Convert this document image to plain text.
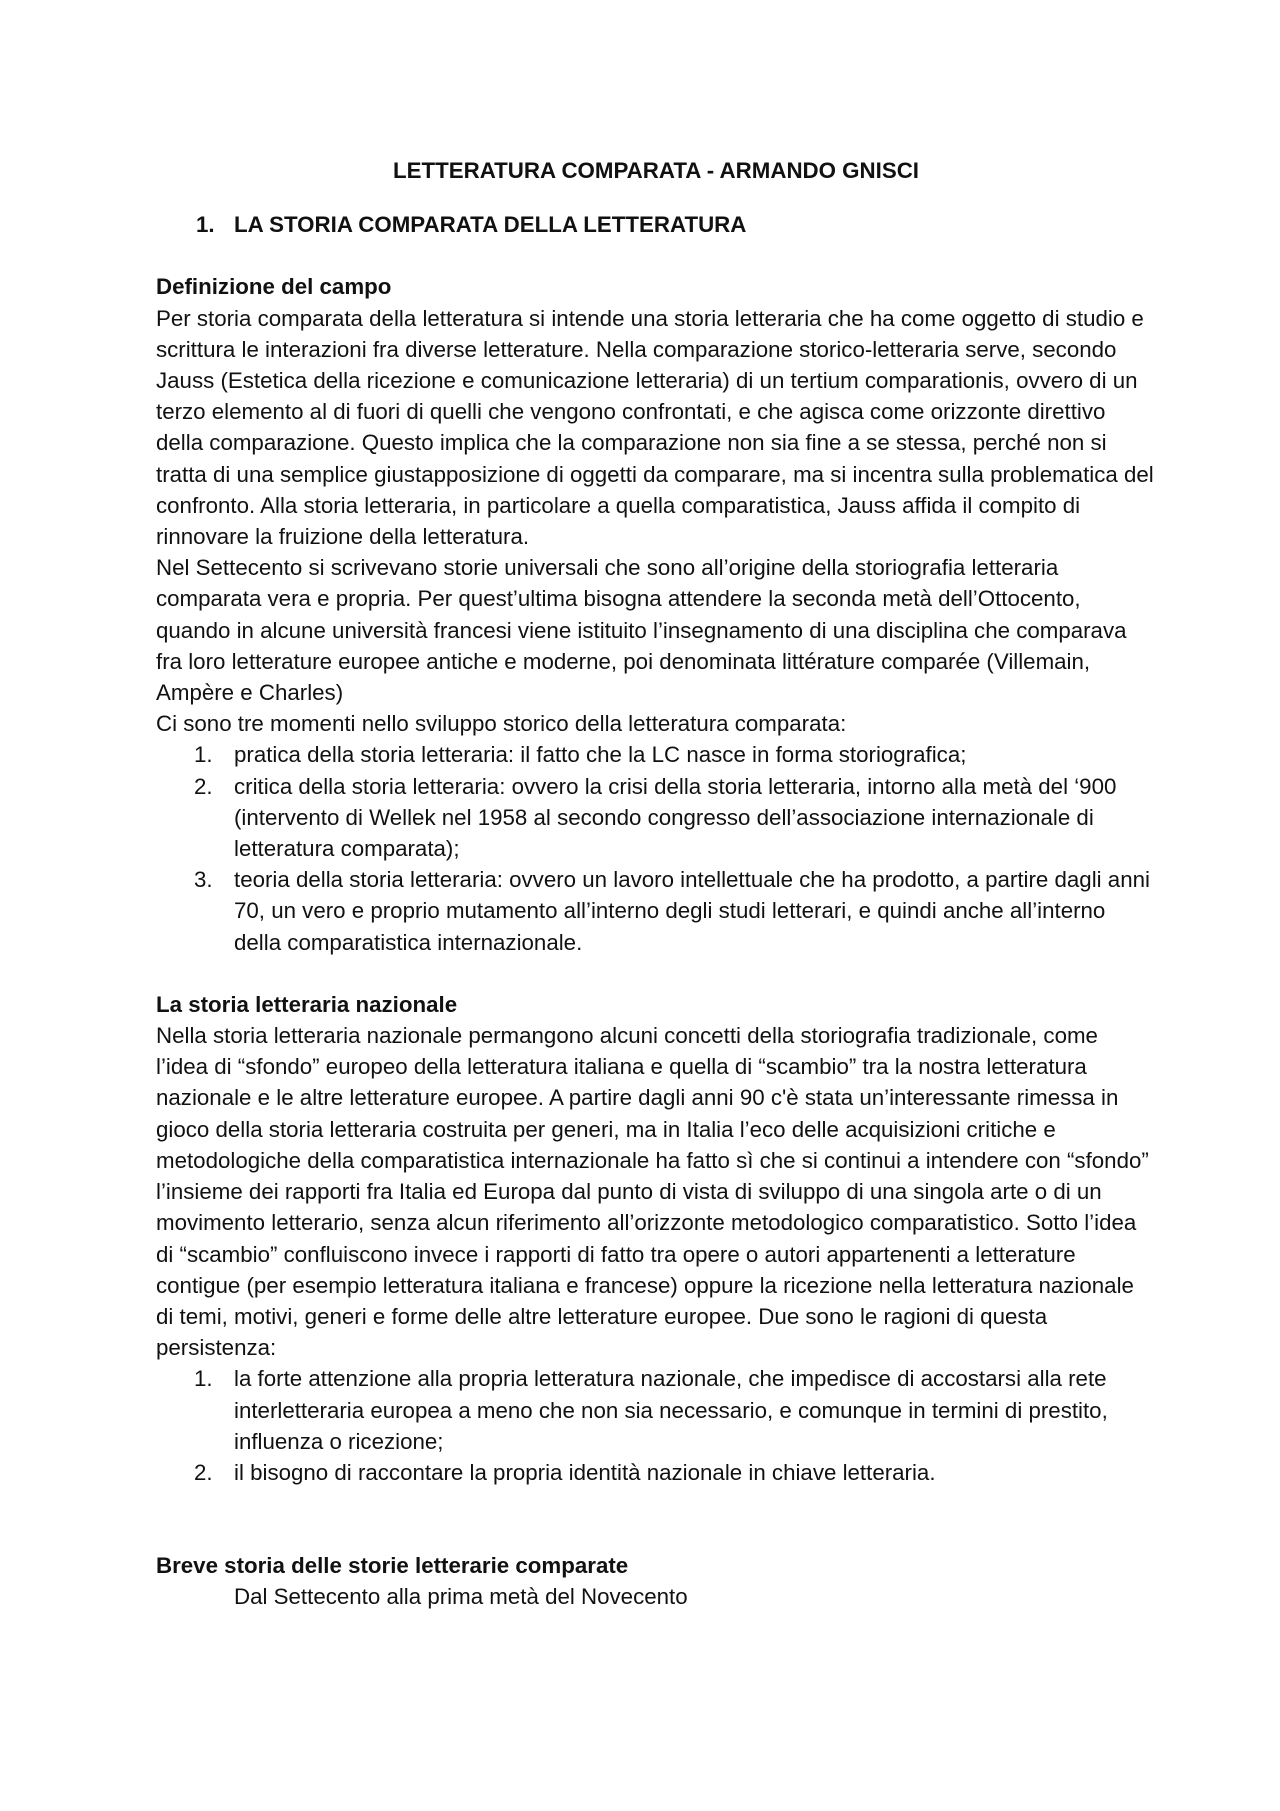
LETTERATURA COMPARATA - ARMANDO GNISCI
1. LA STORIA COMPARATA DELLA LETTERATURA
Definizione del campo

Per storia comparata della letteratura si intende una storia letteraria che ha come oggetto di studio e scrittura le interazioni fra diverse letterature. Nella comparazione storico-letteraria serve, secondo Jauss (Estetica della ricezione e comunicazione letteraria) di un tertium comparationis, ovvero di un terzo elemento al di fuori di quelli che vengono confrontati, e che agisca come orizzonte direttivo della comparazione. Questo implica che la comparazione non sia fine a se stessa, perché non si tratta di una semplice giustapposizione di oggetti da comparare, ma si incentra sulla problematica del confronto. Alla storia letteraria, in particolare a quella comparatistica, Jauss affida il compito di rinnovare la fruizione della letteratura.

Nel Settecento si scrivevano storie universali che sono all’origine della storiografia letteraria comparata vera e propria. Per quest’ultima bisogna attendere la seconda metà dell’Ottocento, quando in alcune università francesi viene istituito l’insegnamento di una disciplina che comparava fra loro letterature europee antiche e moderne, poi denominata littérature comparée (Villemain, Ampère e Charles)

Ci sono tre momenti nello sviluppo storico della letteratura comparata:

1. pratica della storia letteraria: il fatto che la LC nasce in forma storiografica;
2. critica della storia letteraria: ovvero la crisi della storia letteraria, intorno alla metà del ‘900 (intervento di Wellek nel 1958 al secondo congresso dell’associazione internazionale di letteratura comparata);
3. teoria della storia letteraria: ovvero un lavoro intellettuale che ha prodotto, a partire dagli anni 70, un vero e proprio mutamento all’interno degli studi letterari, e quindi anche all’interno della comparatistica internazionale.
La storia letteraria nazionale

Nella storia letteraria nazionale permangono alcuni concetti della storiografia tradizionale, come l’idea di “sfondo” europeo della letteratura italiana e quella di “scambio” tra la nostra letteratura nazionale e le altre letterature europee. A partire dagli anni 90 c'è stata un’interessante rimessa in gioco della storia letteraria costruita per generi, ma in Italia l’eco delle acquisizioni critiche e metodologiche della comparatistica internazionale ha fatto sì che si continui a intendere con “sfondo” l’insieme dei rapporti fra Italia ed Europa dal punto di vista di sviluppo di una singola arte o di un movimento letterario, senza alcun riferimento all’orizzonte metodologico comparatistico. Sotto l’idea di “scambio” confluiscono invece i rapporti di fatto tra opere o autori appartenenti a letterature contigue (per esempio letteratura italiana e francese) oppure la ricezione nella letteratura nazionale di temi, motivi, generi e forme delle altre letterature europee. Due sono le ragioni di questa persistenza:

1. la forte attenzione alla propria letteratura nazionale, che impedisce di accostarsi alla rete interletteraria europea a meno che non sia necessario, e comunque in termini di prestito, influenza o ricezione;
2. il bisogno di raccontare la propria identità nazionale in chiave letteraria.
Breve storia delle storie letterarie comparate

Dal Settecento alla prima metà del Novecento
